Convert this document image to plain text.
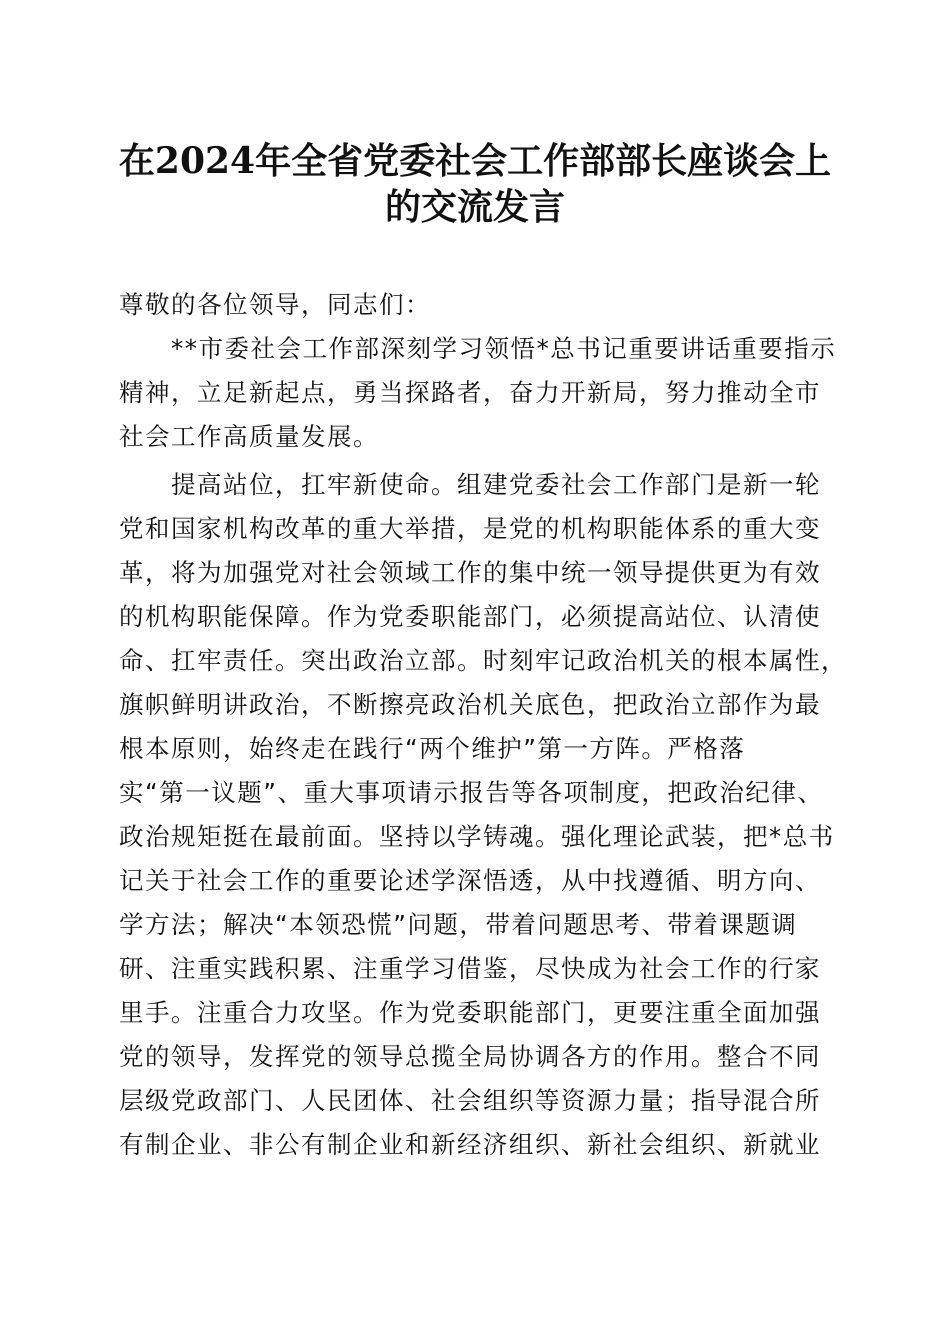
在2024年全省党委社会工作部部长座谈会上
的交流发言
尊敬的各位领导，同志们：
**市委社会工作部深刻学习领悟*总书记重要讲话重要指示
精神，立足新起点，勇当探路者，奋力开新局，努力推动全市
社会工作高质量发展。
提高站位，扛牢新使命。组建党委社会工作部门是新一轮
党和国家机构改革的重大举措，是党的机构职能体系的重大变
革，将为加强党对社会领域工作的集中统一领导提供更为有效
的机构职能保障。作为党委职能部门，必须提高站位、认清使
命、扛牢责任。突出政治立部。时刻牢记政治机关的根本属性，
旗帜鲜明讲政治，不断擦亮政治机关底色，把政治立部作为最
根本原则，始终走在践行“两个维护”第一方阵。严格落
实“第一议题”、重大事项请示报告等各项制度，把政治纪律、
政治规矩挺在最前面。坚持以学铸魂。强化理论武装，把*总书
记关于社会工作的重要论述学深悟透，从中找遵循、明方向、
学方法；解决“本领恐慌”问题，带着问题思考、带着课题调
研、注重实践积累、注重学习借鉴，尽快成为社会工作的行家
里手。注重合力攻坚。作为党委职能部门，更要注重全面加强
党的领导，发挥党的领导总揽全局协调各方的作用。整合不同
层级党政部门、人民团体、社会组织等资源力量；指导混合所
有制企业、非公有制企业和新经济组织、新社会组织、新就业
